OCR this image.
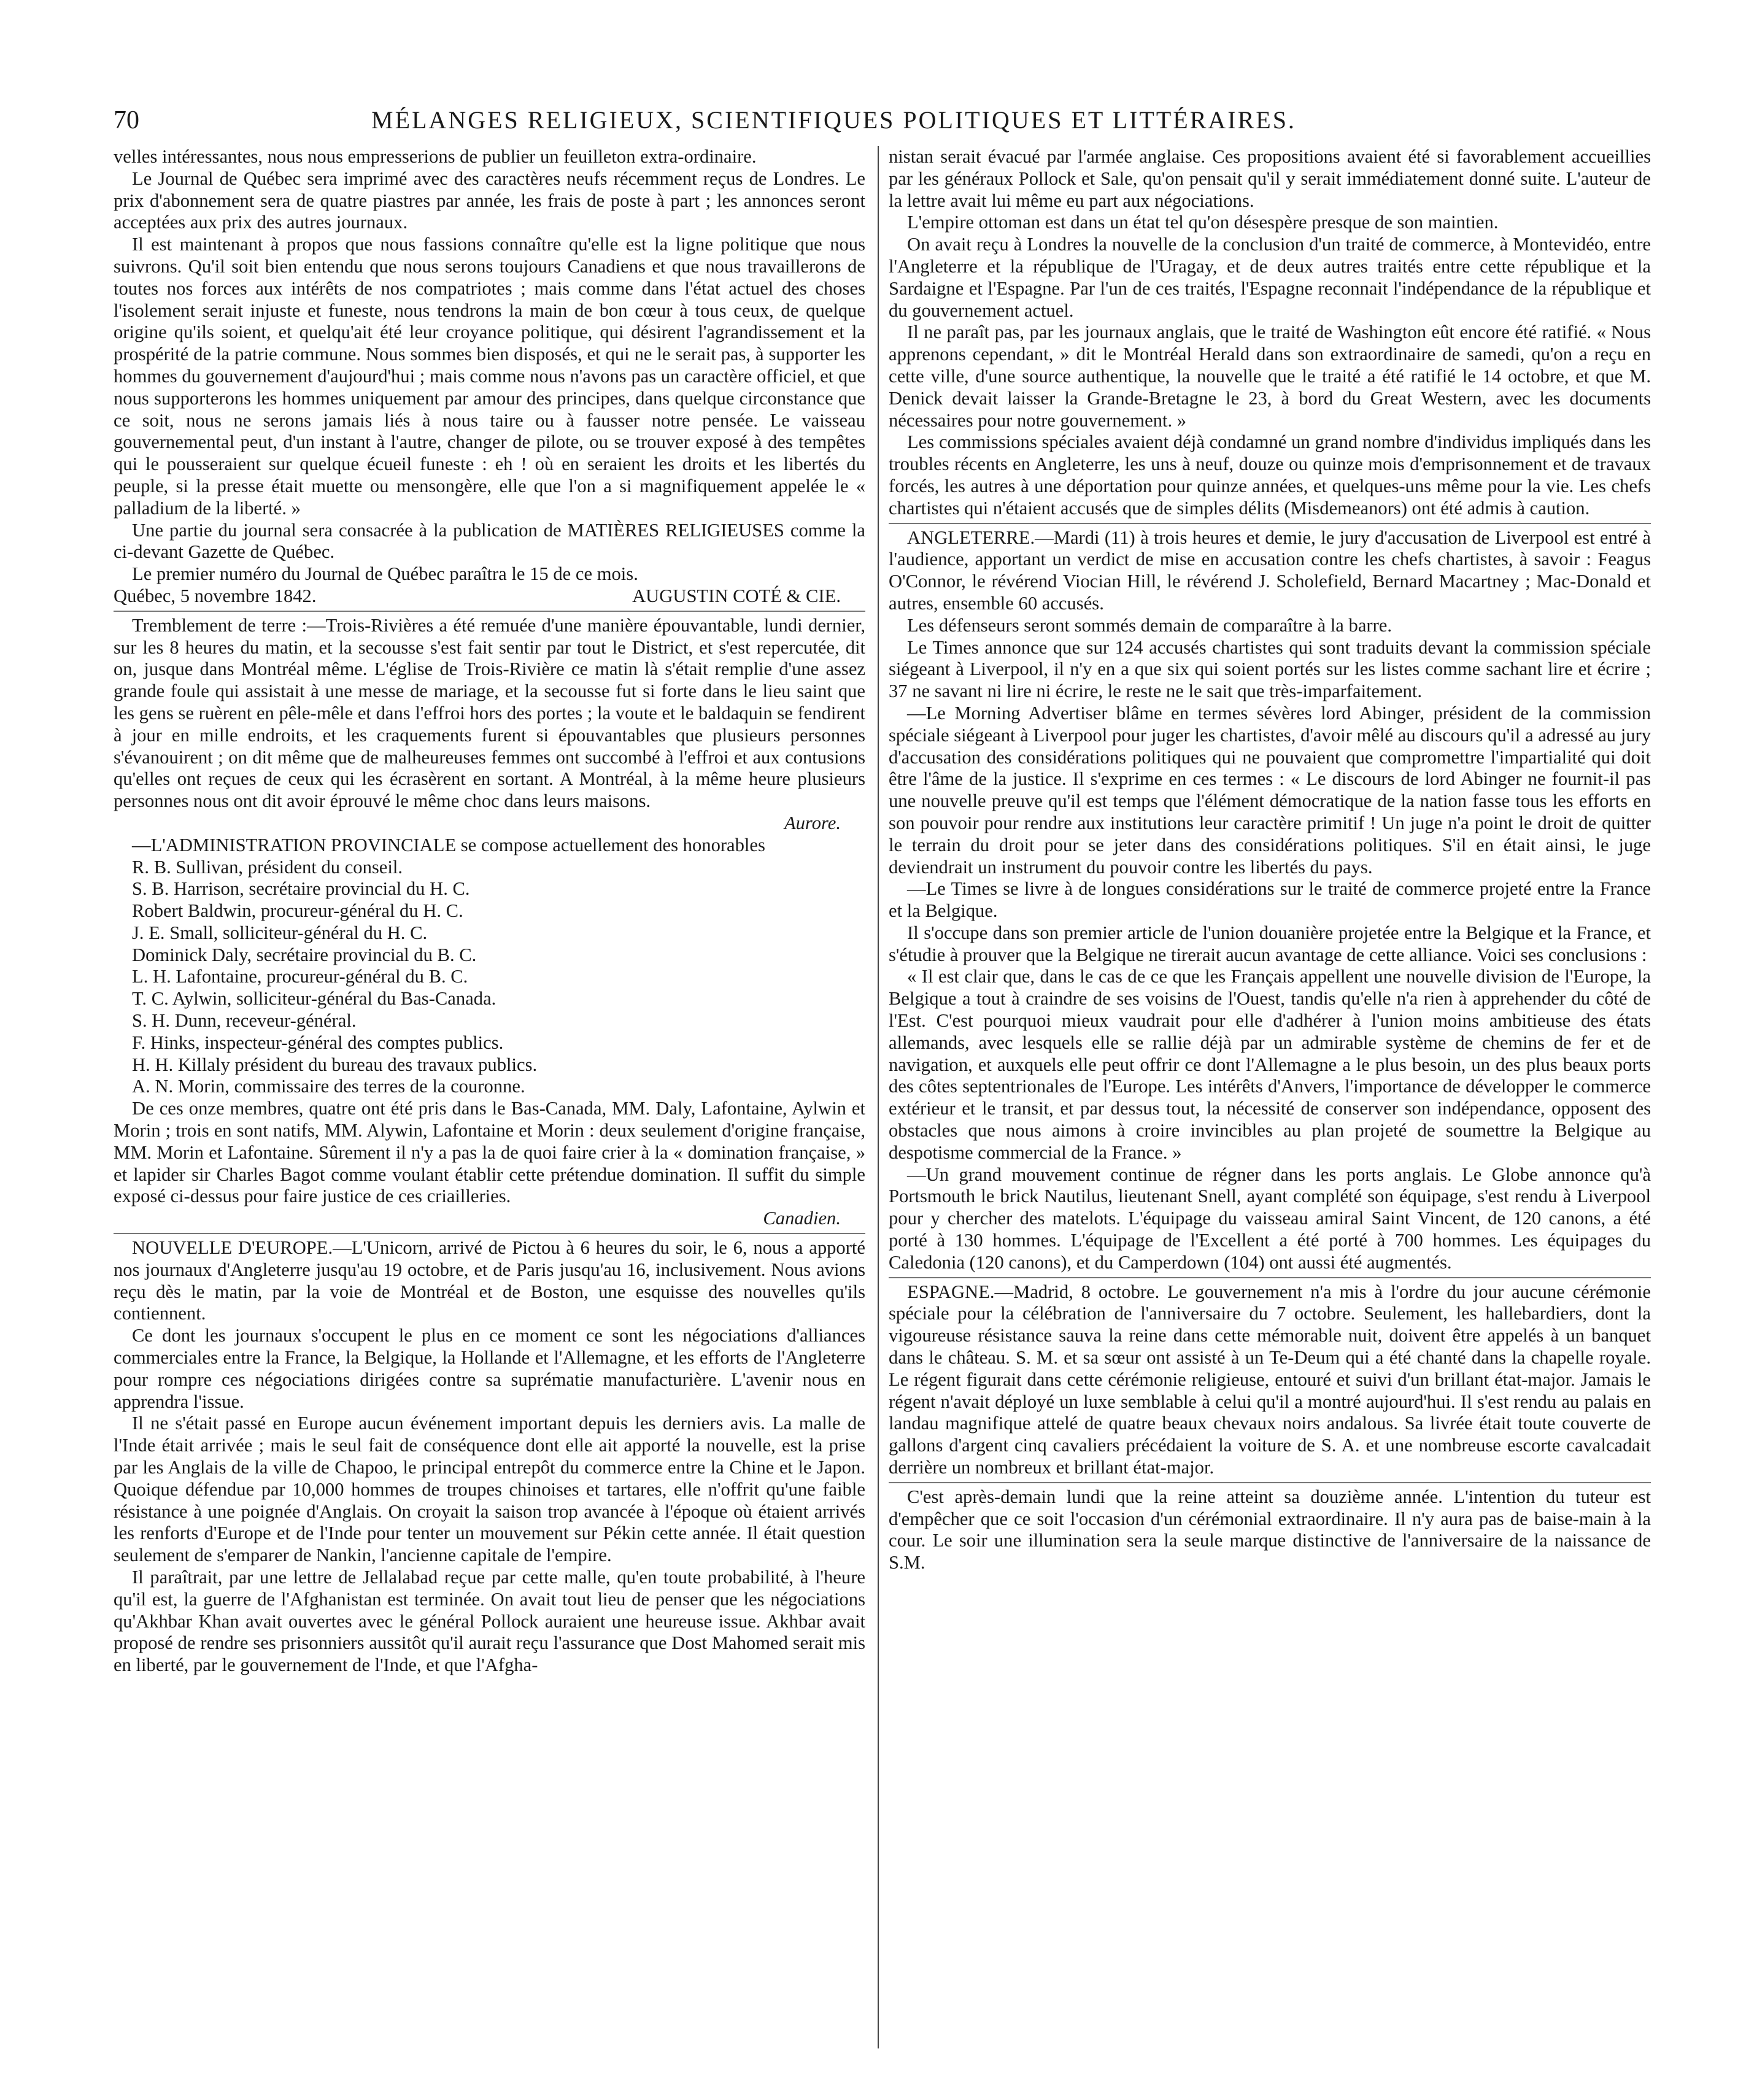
70	MÉLANGES RELIGIEUX, SCIENTIFIQUES POLITIQUES ET LITTÉRAIRES.

velles intéressantes, nous nous empresserions de publier un feuilleton extra-ordinaire.

Le Journal de Québec sera imprimé avec des caractères neufs récemment reçus de Londres. Le prix d'abonnement sera de quatre piastres par année, les frais de poste à part ; les annonces seront acceptées aux prix des autres journaux.

Il est maintenant à propos que nous fassions connaître qu'elle est la ligne politique que nous suivrons. Qu'il soit bien entendu que nous serons toujours Canadiens et que nous travaillerons de toutes nos forces aux intérêts de nos compatriotes ; mais comme dans l'état actuel des choses l'isolement serait injuste et funeste, nous tendrons la main de bon cœur à tous ceux, de quelque origine qu'ils soient, et quelqu'ait été leur croyance politique, qui désirent l'agrandissement et la prospérité de la patrie commune. Nous sommes bien disposés, et qui ne le serait pas, à supporter les hommes du gouvernement d'aujourd'hui ; mais comme nous n'avons pas un caractère officiel, et que nous supporterons les hommes uniquement par amour des principes, dans quelque circonstance que ce soit, nous ne serons jamais liés à nous taire ou à fausser notre pensée. Le vaisseau gouvernemental peut, d'un instant à l'autre, changer de pilote, ou se trouver exposé à des tempêtes qui le pousseraient sur quelque écueil funeste : eh ! où en seraient les droits et les libertés du peuple, si la presse était muette ou mensongère, elle que l'on a si magnifiquement appelée le « palladium de la liberté. »

Une partie du journal sera consacrée à la publication de MATIÈRES RELIGIEUSES comme la ci-devant Gazette de Québec.

Le premier numéro du Journal de Québec paraîtra le 15 de ce mois.

Québec, 5 novembre 1842.	AUGUSTIN COTÉ & CIE.

Tremblement de terre :—Trois-Rivières a été remuée d'une manière épouvantable, lundi dernier, sur les 8 heures du matin, et la secousse s'est fait sentir par tout le District, et s'est repercutée, dit on, jusque dans Montréal même. L'église de Trois-Rivière ce matin là s'était remplie d'une assez grande foule qui assistait à une messe de mariage, et la secousse fut si forte dans le lieu saint que les gens se ruèrent en pêle-mêle et dans l'effroi hors des portes ; la voute et le baldaquin se fendirent à jour en mille endroits, et les craquements furent si épouvantables que plusieurs personnes s'évanouirent ; on dit même que de malheureuses femmes ont succombé à l'effroi et aux contusions qu'elles ont reçues de ceux qui les écrasèrent en sortant. A Montréal, à la même heure plusieurs personnes nous ont dit avoir éprouvé le même choc dans leurs maisons.

Aurore.

—L'ADMINISTRATION PROVINCIALE se compose actuellement des honorables

R. B. Sullivan, président du conseil.
S. B. Harrison, secrétaire provincial du H. C.
Robert Baldwin, procureur-général du H. C.
J. E. Small, solliciteur-général du H. C.
Dominick Daly, secrétaire provincial du B. C.
L. H. Lafontaine, procureur-général du B. C.
T. C. Aylwin, solliciteur-général du Bas-Canada.
S. H. Dunn, receveur-général.
F. Hinks, inspecteur-général des comptes publics.
H. H. Killaly président du bureau des travaux publics.
A. N. Morin, commissaire des terres de la couronne.

De ces onze membres, quatre ont été pris dans le Bas-Canada, MM. Daly, Lafontaine, Aylwin et Morin ; trois en sont natifs, MM. Alywin, Lafontaine et Morin : deux seulement d'origine française, MM. Morin et Lafontaine. Sûrement il n'y a pas la de quoi faire crier à la « domination française, » et lapider sir Charles Bagot comme voulant établir cette prétendue domination. Il suffit du simple exposé ci-dessus pour faire justice de ces criailleries.

Canadien.

NOUVELLE D'EUROPE.—L'Unicorn, arrivé de Pictou à 6 heures du soir, le 6, nous a apporté nos journaux d'Angleterre jusqu'au 19 octobre, et de Paris jusqu'au 16, inclusivement. Nous avions reçu dès le matin, par la voie de Montréal et de Boston, une esquisse des nouvelles qu'ils contiennent.

Ce dont les journaux s'occupent le plus en ce moment ce sont les négociations d'alliances commerciales entre la France, la Belgique, la Hollande et l'Allemagne, et les efforts de l'Angleterre pour rompre ces négociations dirigées contre sa suprématie manufacturière. L'avenir nous en apprendra l'issue.

Il ne s'était passé en Europe aucun événement important depuis les derniers avis. La malle de l'Inde était arrivée ; mais le seul fait de conséquence dont elle ait apporté la nouvelle, est la prise par les Anglais de la ville de Chapoo, le principal entrepôt du commerce entre la Chine et le Japon. Quoique défendue par 10,000 hommes de troupes chinoises et tartares, elle n'offrit qu'une faible résistance à une poignée d'Anglais. On croyait la saison trop avancée à l'époque où étaient arrivés les renforts d'Europe et de l'Inde pour tenter un mouvement sur Pékin cette année. Il était question seulement de s'emparer de Nankin, l'ancienne capitale de l'empire.

Il paraîtrait, par une lettre de Jellalabad reçue par cette malle, qu'en toute probabilité, à l'heure qu'il est, la guerre de l'Afghanistan est terminée. On avait tout lieu de penser que les négociations qu'Akhbar Khan avait ouvertes avec le général Pollock auraient une heureuse issue. Akhbar avait proposé de rendre ses prisonniers aussitôt qu'il aurait reçu l'assurance que Dost Mahomed serait mis en liberté, par le gouvernement de l'Inde, et que l'Afgha-

nistan serait évacué par l'armée anglaise. Ces propositions avaient été si favorablement accueillies par les généraux Pollock et Sale, qu'on pensait qu'il y serait immédiatement donné suite. L'auteur de la lettre avait lui même eu part aux négociations.

L'empire ottoman est dans un état tel qu'on désespère presque de son maintien.

On avait reçu à Londres la nouvelle de la conclusion d'un traité de commerce, à Montevidéo, entre l'Angleterre et la république de l'Uragay, et de deux autres traités entre cette république et la Sardaigne et l'Espagne. Par l'un de ces traités, l'Espagne reconnait l'indépendance de la république et du gouvernement actuel.

Il ne paraît pas, par les journaux anglais, que le traité de Washington eût encore été ratifié. « Nous apprenons cependant, » dit le Montréal Herald dans son extraordinaire de samedi, qu'on a reçu en cette ville, d'une source authentique, la nouvelle que le traité a été ratifié le 14 octobre, et que M. Denick devait laisser la Grande-Bretagne le 23, à bord du Great Western, avec les documents nécessaires pour notre gouvernement. »

Les commissions spéciales avaient déjà condamné un grand nombre d'individus impliqués dans les troubles récents en Angleterre, les uns à neuf, douze ou quinze mois d'emprisonnement et de travaux forcés, les autres à une déportation pour quinze années, et quelques-uns même pour la vie. Les chefs chartistes qui n'étaient accusés que de simples délits (Misdemeanors) ont été admis à caution.

ANGLETERRE.—Mardi (11) à trois heures et demie, le jury d'accusation de Liverpool est entré à l'audience, apportant un verdict de mise en accusation contre les chefs chartistes, à savoir : Feagus O'Connor, le révérend Viocian Hill, le révérend J. Scholefield, Bernard Macartney ; Mac-Donald et autres, ensemble 60 accusés.

Les défenseurs seront sommés demain de comparaître à la barre.

Le Times annonce que sur 124 accusés chartistes qui sont traduits devant la commission spéciale siégeant à Liverpool, il n'y en a que six qui soient portés sur les listes comme sachant lire et écrire ; 37 ne savant ni lire ni écrire, le reste ne le sait que très-imparfaitement.

—Le Morning Advertiser blâme en termes sévères lord Abinger, président de la commission spéciale siégeant à Liverpool pour juger les chartistes, d'avoir mêlé au discours qu'il a adressé au jury d'accusation des considérations politiques qui ne pouvaient que compromettre l'impartialité qui doit être l'âme de la justice. Il s'exprime en ces termes : « Le discours de lord Abinger ne fournit-il pas une nouvelle preuve qu'il est temps que l'élément démocratique de la nation fasse tous les efforts en son pouvoir pour rendre aux institutions leur caractère primitif ! Un juge n'a point le droit de quitter le terrain du droit pour se jeter dans des considérations politiques. S'il en était ainsi, le juge deviendrait un instrument du pouvoir contre les libertés du pays.

—Le Times se livre à de longues considérations sur le traité de commerce projeté entre la France et la Belgique.

Il s'occupe dans son premier article de l'union douanière projetée entre la Belgique et la France, et s'étudie à prouver que la Belgique ne tirerait aucun avantage de cette alliance. Voici ses conclusions :

« Il est clair que, dans le cas de ce que les Français appellent une nouvelle division de l'Europe, la Belgique a tout à craindre de ses voisins de l'Ouest, tandis qu'elle n'a rien à apprehender du côté de l'Est. C'est pourquoi mieux vaudrait pour elle d'adhérer à l'union moins ambitieuse des états allemands, avec lesquels elle se rallie déjà par un admirable système de chemins de fer et de navigation, et auxquels elle peut offrir ce dont l'Allemagne a le plus besoin, un des plus beaux ports des côtes septentrionales de l'Europe. Les intérêts d'Anvers, l'importance de développer le commerce extérieur et le transit, et par dessus tout, la nécessité de conserver son indépendance, opposent des obstacles que nous aimons à croire invincibles au plan projeté de soumettre la Belgique au despotisme commercial de la France. »

—Un grand mouvement continue de régner dans les ports anglais. Le Globe annonce qu'à Portsmouth le brick Nautilus, lieutenant Snell, ayant complété son équipage, s'est rendu à Liverpool pour y chercher des matelots. L'équipage du vaisseau amiral Saint Vincent, de 120 canons, a été porté à 130 hommes. L'équipage de l'Excellent a été porté à 700 hommes. Les équipages du Caledonia (120 canons), et du Camperdown (104) ont aussi été augmentés.

ESPAGNE.—Madrid, 8 octobre. Le gouvernement n'a mis à l'ordre du jour aucune cérémonie spéciale pour la célébration de l'anniversaire du 7 octobre. Seulement, les hallebardiers, dont la vigoureuse résistance sauva la reine dans cette mémorable nuit, doivent être appelés à un banquet dans le château. S. M. et sa sœur ont assisté à un Te-Deum qui a été chanté dans la chapelle royale. Le régent figurait dans cette cérémonie religieuse, entouré et suivi d'un brillant état-major. Jamais le régent n'avait déployé un luxe semblable à celui qu'il a montré aujourd'hui. Il s'est rendu au palais en landau magnifique attelé de quatre beaux chevaux noirs andalous. Sa livrée était toute couverte de gallons d'argent cinq cavaliers précédaient la voiture de S. A. et une nombreuse escorte cavalcadait derrière un nombreux et brillant état-major.

C'est après-demain lundi que la reine atteint sa douzième année. L'intention du tuteur est d'empêcher que ce soit l'occasion d'un cérémonial extraordinaire. Il n'y aura pas de baise-main à la cour. Le soir une illumination sera la seule marque distinctive de l'anniversaire de la naissance de S.M.
